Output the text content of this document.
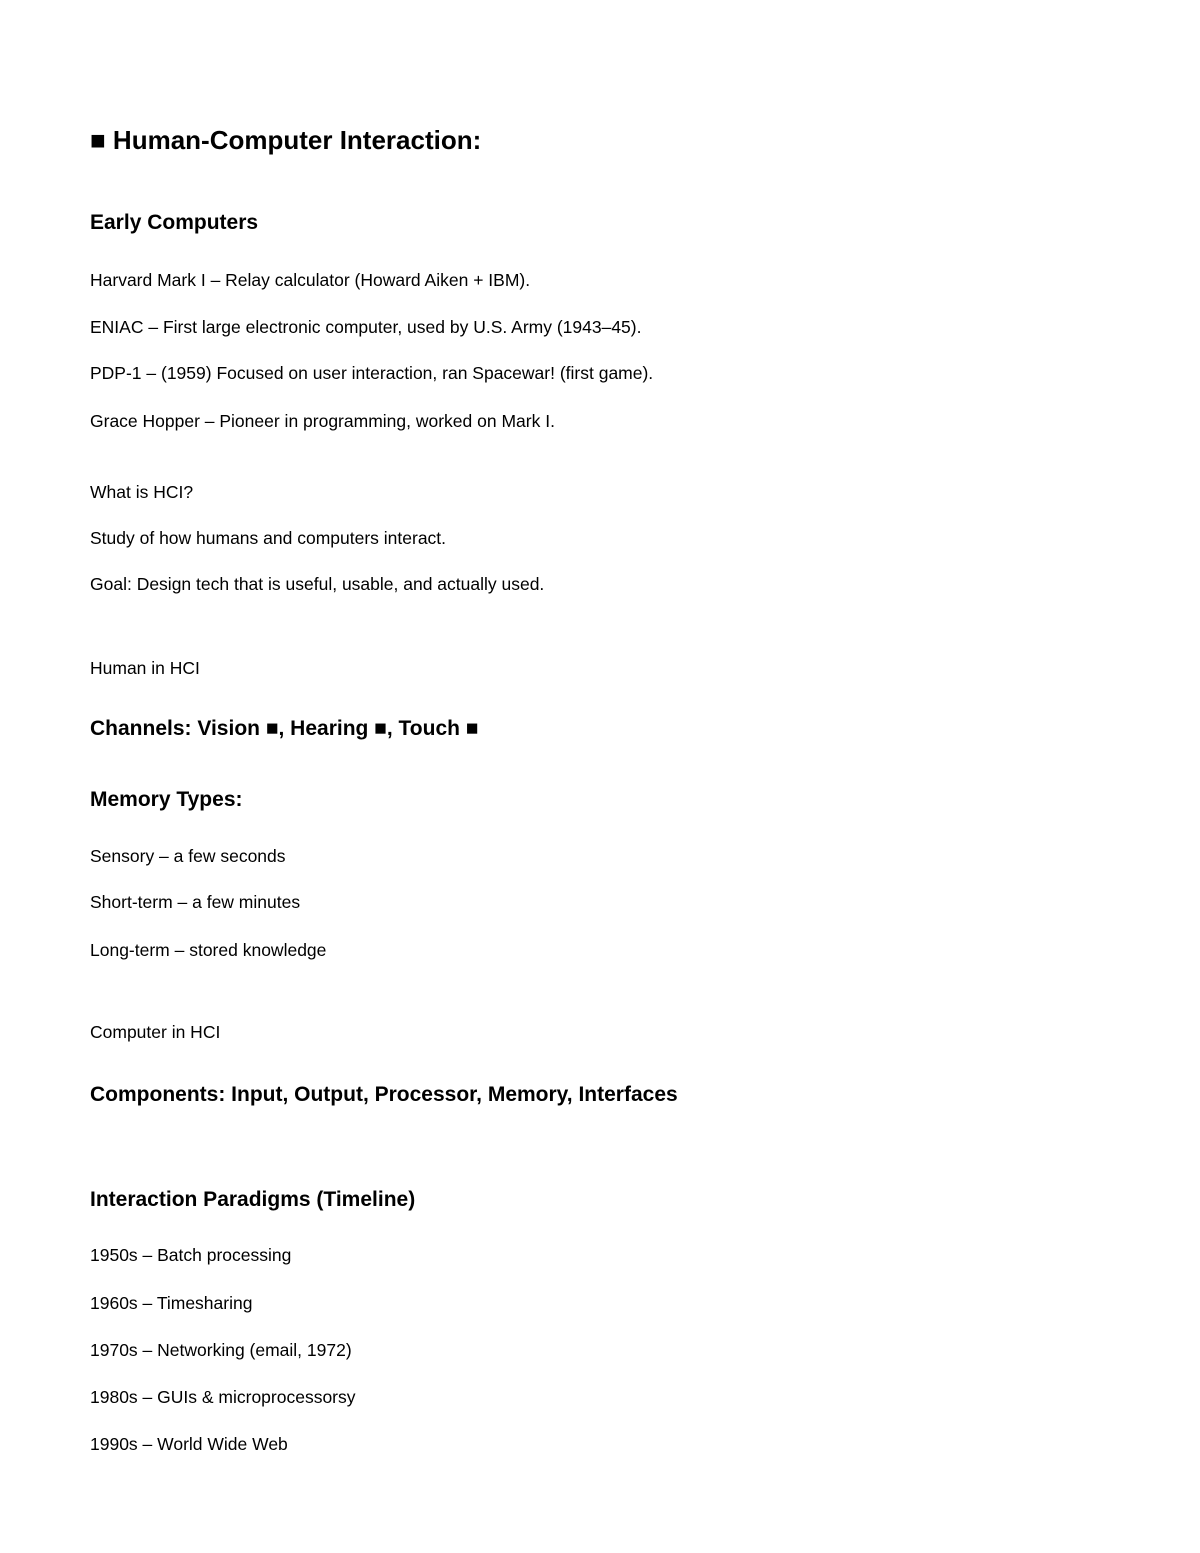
■ Human-Computer Interaction:
Early Computers
Harvard Mark I – Relay calculator (Howard Aiken + IBM).
ENIAC – First large electronic computer, used by U.S. Army (1943–45).
PDP-1 – (1959) Focused on user interaction, ran Spacewar! (first game).
Grace Hopper – Pioneer in programming, worked on Mark I.
What is HCI?
Study of how humans and computers interact.
Goal: Design tech that is useful, usable, and actually used.
Human in HCI
Channels: Vision ■, Hearing ■, Touch ■
Memory Types:
Sensory – a few seconds
Short-term – a few minutes
Long-term – stored knowledge
Computer in HCI
Components: Input, Output, Processor, Memory, Interfaces
Interaction Paradigms (Timeline)
1950s – Batch processing
1960s – Timesharing
1970s – Networking (email, 1972)
1980s – GUIs & microprocessorsy
1990s – World Wide Web
